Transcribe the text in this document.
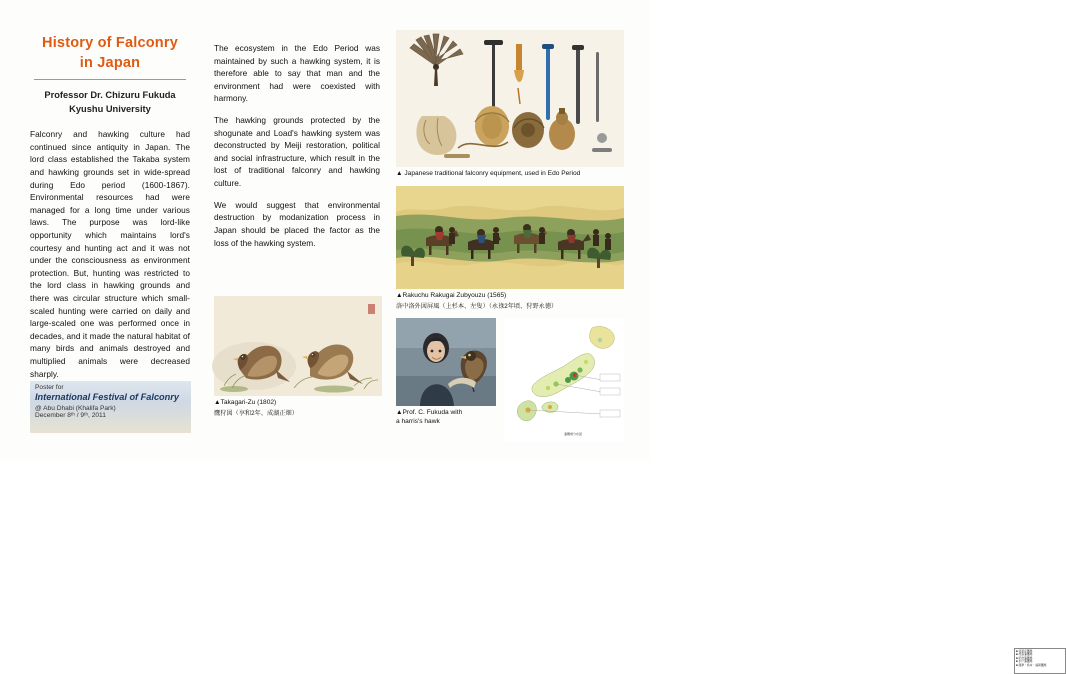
History of Falconry
in Japan
Professor Dr. Chizuru Fukuda
Kyushu University
Falconry and hawking culture had continued since antiquity in Japan. The lord class established the Takaba system and hawking grounds set in wide-spread during Edo period (1600-1867). Environmental resources had were managed for a long time under various laws. The purpose was lord-like opportunity which maintains lord's courtesy and hunting act and it was not under the consciousness as environment protection. But, hunting was restricted to the lord class in hawking grounds and there was circular structure which small-scaled hunting were carried on daily and large-scaled one was performed once in decades, and it made the natural habitat of many birds and animals destroyed and multiplied animals were decreased sharply.
Poster for
International Festival of Falconry
@ Abu Dhabi (Khalifa Park)
December 8ᵗʰ / 9ᵗʰ, 2011

The ecosystem in the Edo Period was maintained by such a hawking system, it is therefore able to say that man and the environment had were coexisted with harmony.

The hawking grounds protected by the shogunate and Load's hawking system was deconstructed by Meiji restoration, political and social infrastructure, which result in the lost of traditional falconry and hawking culture.

We would suggest that environmental destruction by modanization process in Japan should be placed the factor as the loss of the hawking system.

▲Takagari-Zu (1802)
鷹狩図（享和2年、成湖正畑）
▲ Japanese traditional falconry equipment, used in Edo Period
▲Rakuchu Rakugai Zubyouzu (1565)
洛中洛外図屏風（上杉本、左隻）（永祿2年頃、狩野永徳）
▲Prof. C. Fukuda with
a harris's hawk
■ 将軍家鷹場
■ 尾張藩鷹場
■ 紀州藩鷹場
■ 水戸藩鷹場
■ 薩摩・熊本・福岡鷹場
藩鷹場分布図
